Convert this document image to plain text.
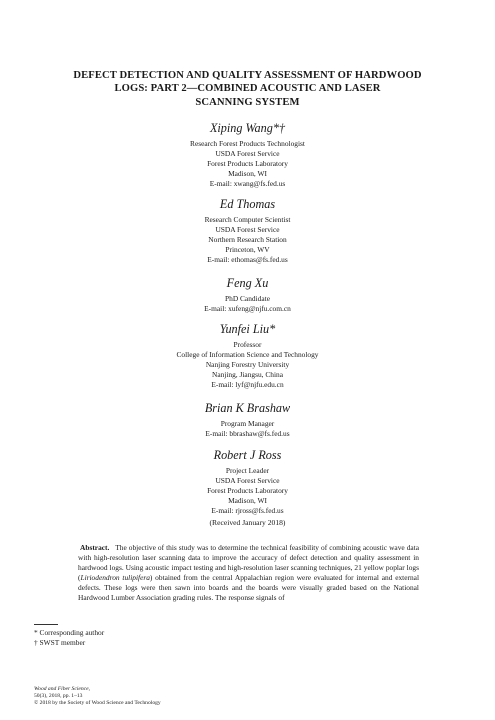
DEFECT DETECTION AND QUALITY ASSESSMENT OF HARDWOOD
LOGS: PART 2—COMBINED ACOUSTIC AND LASER
SCANNING SYSTEM
Xiping Wang*†
Research Forest Products Technologist
USDA Forest Service
Forest Products Laboratory
Madison, WI
E-mail: xwang@fs.fed.us
Ed Thomas
Research Computer Scientist
USDA Forest Service
Northern Research Station
Princeton, WV
E-mail: ethomas@fs.fed.us
Feng Xu
PhD Candidate
E-mail: xufeng@njfu.com.cn
Yunfei Liu*
Professor
College of Information Science and Technology
Nanjing Forestry University
Nanjing, Jiangsu, China
E-mail: lyf@njfu.edu.cn
Brian K Brashaw
Program Manager
E-mail: bbrashaw@fs.fed.us
Robert J Ross
Project Leader
USDA Forest Service
Forest Products Laboratory
Madison, WI
E-mail: rjross@fs.fed.us
(Received January 2018)
Abstract. The objective of this study was to determine the technical feasibility of combining acoustic wave data with high-resolution laser scanning data to improve the accuracy of defect detection and quality assessment in hardwood logs. Using acoustic impact testing and high-resolution laser scanning techniques, 21 yellow poplar logs (Liriodendron tulipifera) obtained from the central Appalachian region were evaluated for internal and external defects. These logs were then sawn into boards and the boards were visually graded based on the National Hardwood Lumber Association grading rules. The response signals of
* Corresponding author
† SWST member
Wood and Fiber Science,
50(3), 2018, pp. 1–13
© 2018 by the Society of Wood Science and Technology
